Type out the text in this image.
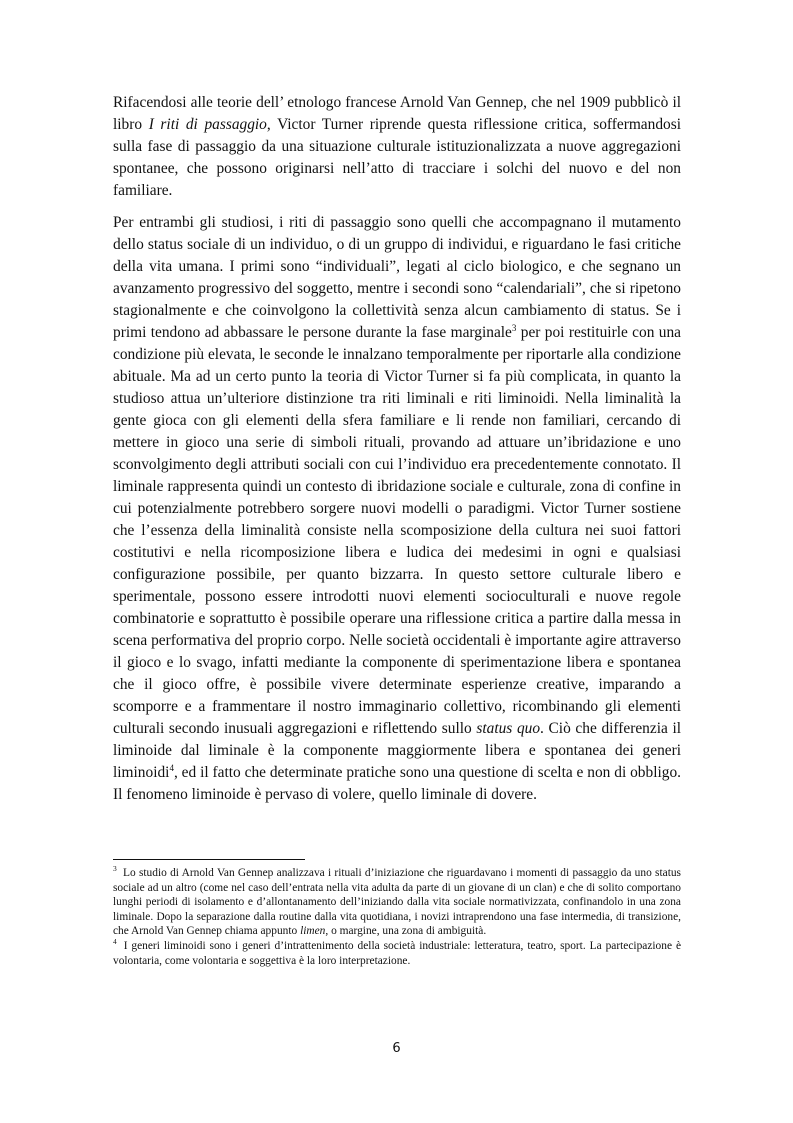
Rifacendosi alle teorie dell’ etnologo francese Arnold Van Gennep, che nel 1909 pubblicò il libro I riti di passaggio, Victor Turner riprende questa riflessione critica, soffermandosi sulla fase di passaggio da una situazione culturale istituzionalizzata a nuove aggregazioni spontanee, che possono originarsi nell’atto di tracciare i solchi del nuovo e del non familiare.

Per entrambi gli studiosi, i riti di passaggio sono quelli che accompagnano il mutamento dello status sociale di un individuo, o di un gruppo di individui, e riguardano le fasi critiche della vita umana. I primi sono “individuali”, legati al ciclo biologico, e che segnano un avanzamento progressivo del soggetto, mentre i secondi sono “calendariali”, che si ripetono stagionalmente e che coinvolgono la collettività senza alcun cambiamento di status. Se i primi tendono ad abbassare le persone durante la fase marginale$^3$ per poi restituirle con una condizione più elevata, le seconde le innalzano temporalmente per riportarle alla condizione abituale. Ma ad un certo punto la teoria di Victor Turner si fa più complicata, in quanto la studioso attua un’ulteriore distinzione tra riti liminali e riti liminoidi. Nella liminalità la gente gioca con gli elementi della sfera familiare e li rende non familiari, cercando di mettere in gioco una serie di simboli rituali, provando ad attuare un’ibridazione e uno sconvolgimento degli attributi sociali con cui l’individuo era precedentemente connotato. Il liminale rappresenta quindi un contesto di ibridazione sociale e culturale, zona di confine in cui potenzialmente potrebbero sorgere nuovi modelli o paradigmi. Victor Turner sostiene che l’essenza della liminalità consiste nella scomposizione della cultura nei suoi fattori costitutivi e nella ricomposizione libera e ludica dei medesimi in ogni e qualsiasi configurazione possibile, per quanto bizzarra. In questo settore culturale libero e sperimentale, possono essere introdotti nuovi elementi socioculturali e nuove regole combinatorie e soprattutto è possibile operare una riflessione critica a partire dalla messa in scena performativa del proprio corpo. Nelle società occidentali è importante agire attraverso il gioco e lo svago, infatti mediante la componente di sperimentazione libera e spontanea che il gioco offre, è possibile vivere determinate esperienze creative, imparando a scomporre e a frammentare il nostro immaginario collettivo, ricombinando gli elementi culturali secondo inusuali aggregazioni e riflettendo sullo status quo. Ciò che differenzia il liminoide dal liminale è la componente maggiormente libera e spontanea dei generi liminoidi$^4$, ed il fatto che determinate pratiche sono una questione di scelta e non di obbligo. Il fenomeno liminoide è pervaso di volere, quello liminale di dovere.

$^3$ Lo studio di Arnold Van Gennep analizzava i rituali d’iniziazione che riguardavano i momenti di passaggio da uno status sociale ad un altro (come nel caso dell’entrata nella vita adulta da parte di un giovane di un clan) e che di solito comportano lunghi periodi di isolamento e d’allontanamento dell’iniziando dalla vita sociale normativizzata, confinandolo in una zona liminale. Dopo la separazione dalla routine dalla vita quotidiana, i novizi intraprendono una fase intermedia, di transizione, che Arnold Van Gennep chiama appunto limen, o margine, una zona di ambiguità.

$^4$ I generi liminoidi sono i generi d’intrattenimento della società industriale: letteratura, teatro, sport. La partecipazione è volontaria, come volontaria e soggettiva è la loro interpretazione.

6
